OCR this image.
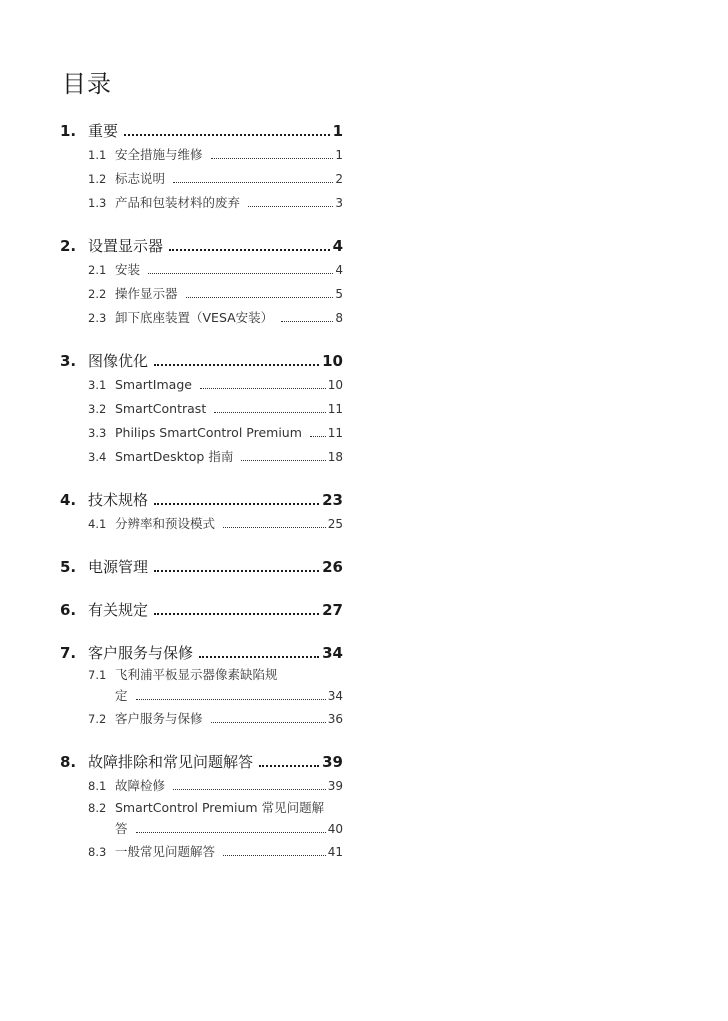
目录
1. 重要	1
1.1 安全措施与维修	1
1.2 标志说明	2
1.3 产品和包装材料的废弃	3
2. 设置显示器	4
2.1 安装	4
2.2 操作显示器	5
2.3 卸下底座装置（VESA安装）	8
3. 图像优化	10
3.1 SmartImage	10
3.2 SmartContrast	11
3.3 Philips SmartControl Premium 11
3.4 SmartDesktop 指南	18
4. 技术规格	23
4.1 分辨率和预设模式	25
5. 电源管理	26
6. 有关规定	27
7. 客户服务与保修	34
7.1 飞利浦平板显示器像素缺陷规
定	34
7.2 客户服务与保修	36
8. 故障排除和常见问题解答	39
8.1 故障检修	39
8.2 SmartControl Premium 常见问题解
答	40
8.3 一般常见问题解答	41
